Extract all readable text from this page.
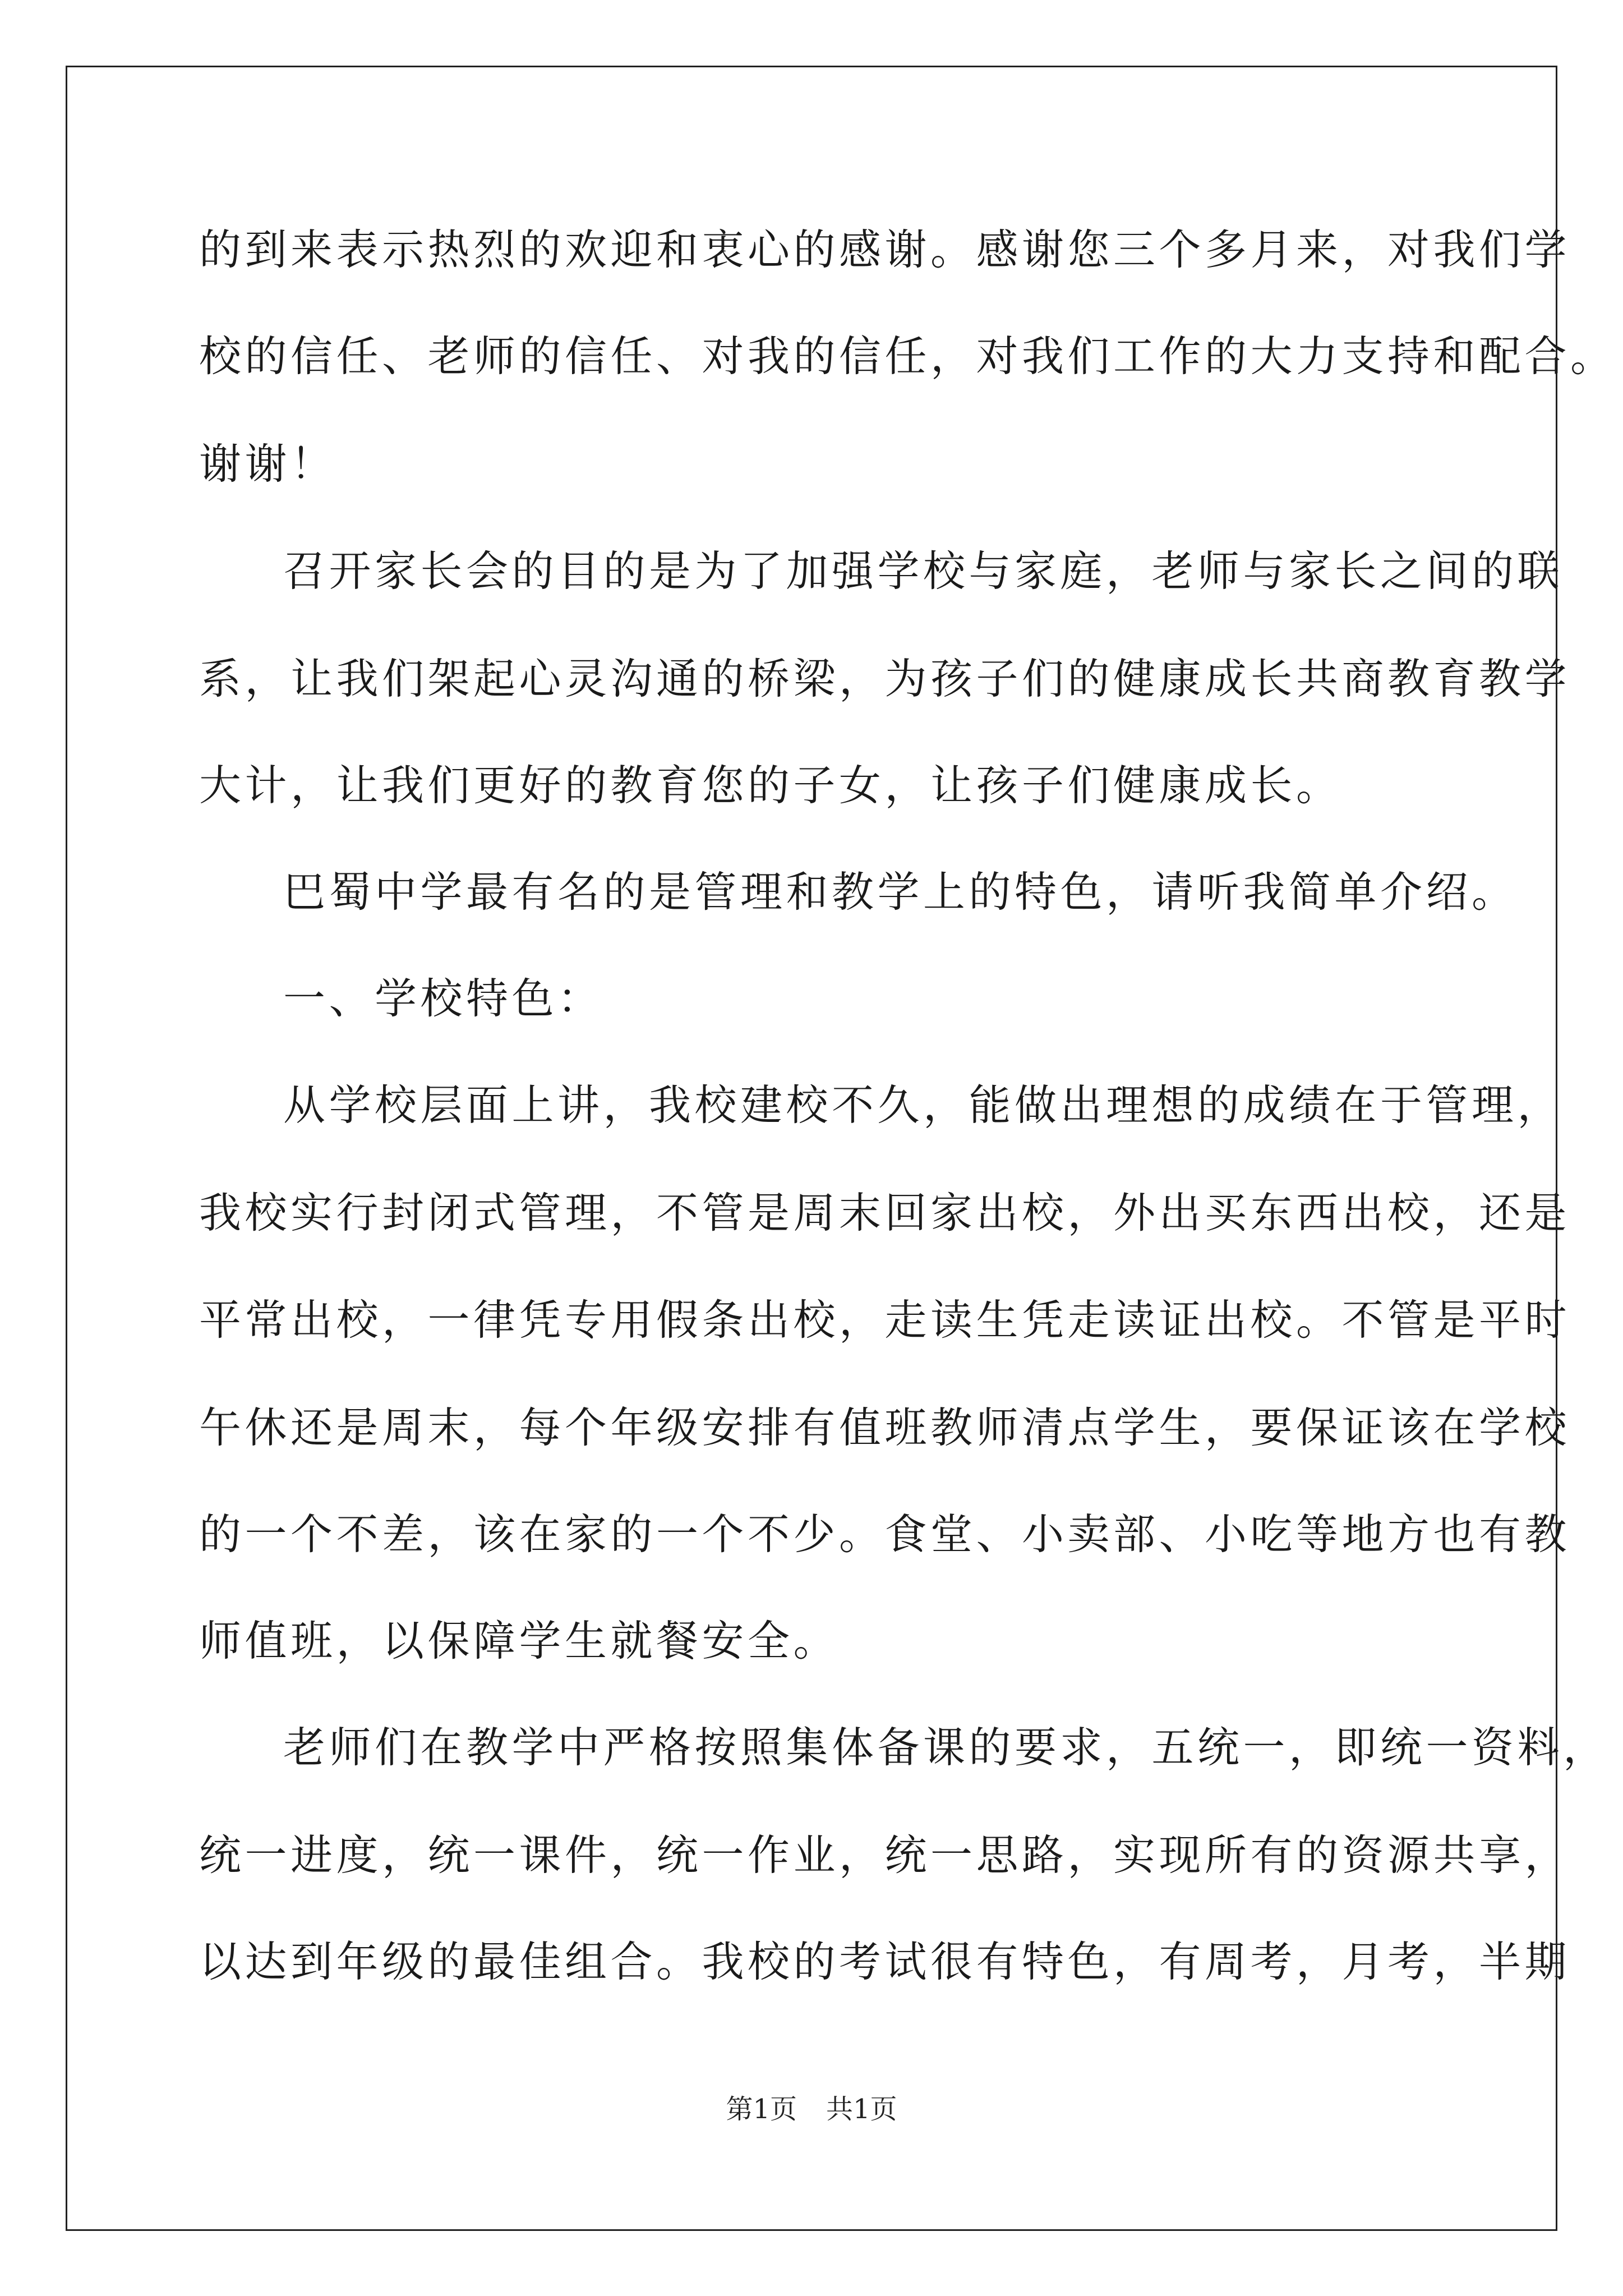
的到来表示热烈的欢迎和衷心的感谢。感谢您三个多月来，对我们学
校的信任、老师的信任、对我的信任，对我们工作的大力支持和配合。
谢谢！
召开家长会的目的是为了加强学校与家庭，老师与家长之间的联
系，让我们架起心灵沟通的桥梁，为孩子们的健康成长共商教育教学
大计，让我们更好的教育您的子女，让孩子们健康成长。
巴蜀中学最有名的是管理和教学上的特色，请听我简单介绍。
一、学校特色：
从学校层面上讲，我校建校不久，能做出理想的成绩在于管理，
我校实行封闭式管理，不管是周末回家出校，外出买东西出校，还是
平常出校，一律凭专用假条出校，走读生凭走读证出校。不管是平时
午休还是周末，每个年级安排有值班教师清点学生，要保证该在学校
的一个不差，该在家的一个不少。食堂、小卖部、小吃等地方也有教
师值班，以保障学生就餐安全。
老师们在教学中严格按照集体备课的要求，五统一，即统一资料，
统一进度，统一课件，统一作业，统一思路，实现所有的资源共享，
以达到年级的最佳组合。我校的考试很有特色，有周考，月考，半期
第1页 共1页
